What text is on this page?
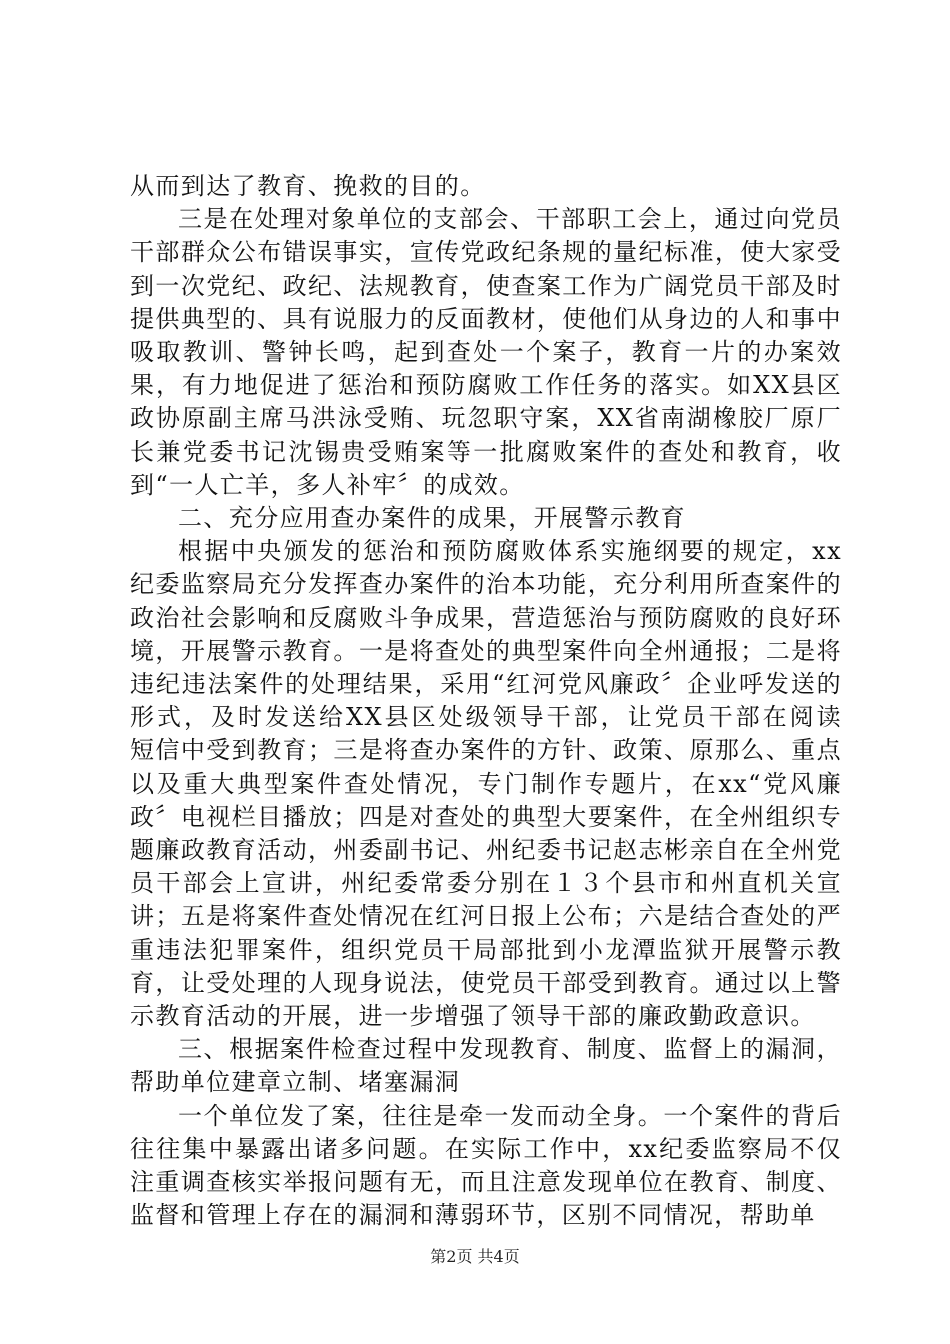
从而到达了教育、挽救的目的。

三是在处理对象单位的支部会、干部职工会上，通过向党员干部群众公布错误事实，宣传党政纪条规的量纪标准，使大家受到一次党纪、政纪、法规教育，使查案工作为广阔党员干部及时提供典型的、具有说服力的反面教材，使他们从身边的人和事中吸取教训、警钟长鸣，起到查处一个案子，教育一片的办案效果，有力地促进了惩治和预防腐败工作任务的落实。如XX县区政协原副主席马洪泳受贿、玩忽职守案，XX省南湖橡胶厂原厂长兼党委书记沈锡贵受贿案等一批腐败案件的查处和教育，收到“一人亡羊，多人补牢〞的成效。

二、充分应用查办案件的成果，开展警示教育

根据中央颁发的惩治和预防腐败体系实施纲要的规定，xx纪委监察局充分发挥查办案件的治本功能，充分利用所查案件的政治社会影响和反腐败斗争成果，营造惩治与预防腐败的良好环境，开展警示教育。一是将查处的典型案件向全州通报；二是将违纪违法案件的处理结果，采用“红河党风廉政〞企业呼发送的形式，及时发送给XX县区处级领导干部，让党员干部在阅读　 短信中受到教育；三是将查办案件的方针、政策、原那么、重点以及重大典型案件查处情况，专门制作专题片，在xx“党风廉政〞电视栏目播放；四是对查处的典型大要案件，在全州组织专题廉政教育活动，州委副书记、州纪委书记赵志彬亲自在全州党员干部会上宣讲，州纪委常委分别在１３个县市和州直机关宣讲；五是将案件查处情况在红河日报上公布；六是结合查处的严重违法犯罪案件，组织党员干局部批到小龙潭监狱开展警示教育，让受处理的人现身说法，使党员干部受到教育。通过以上警示教育活动的开展，进一步增强了领导干部的廉政勤政意识。

三、根据案件检查过程中发现教育、制度、监督上的漏洞，帮助单位建章立制、堵塞漏洞

一个单位发了案，往往是牵一发而动全身。一个案件的背后往往集中暴露出诸多问题。在实际工作中，xx纪委监察局不仅注重调查核实举报问题有无，而且注意发现单位在教育、制度、监督和管理上存在的漏洞和薄弱环节，区别不同情况，帮助单

第2页 共4页
